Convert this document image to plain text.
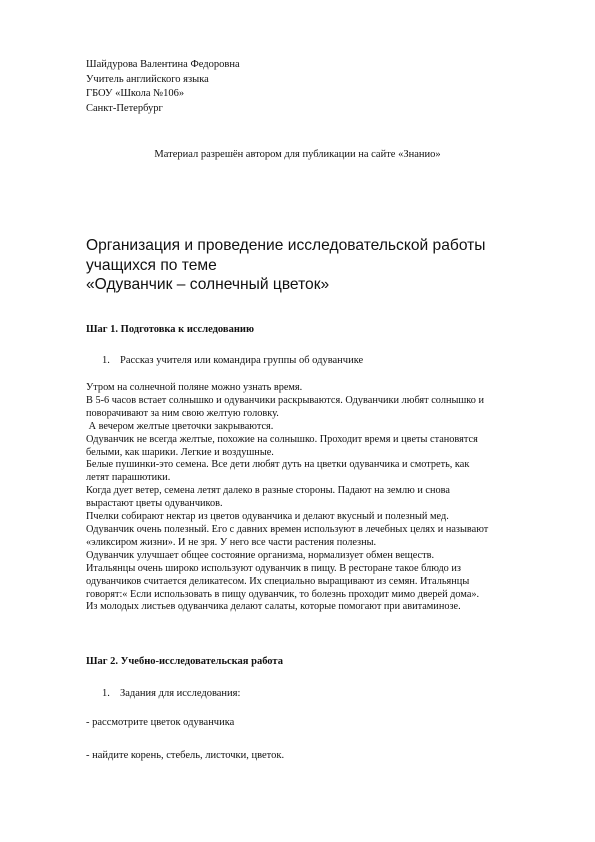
Шайдурова Валентина Федоровна
Учитель английского языка
ГБОУ «Школа №106»
Санкт-Петербург
Материал разрешён автором для публикации на сайте «Знанио»
Организация и проведение исследовательской работы
учащихся по теме
«Одуванчик – солнечный цветок»
Шаг 1. Подготовка к исследованию
1. Рассказ учителя или командира группы об одуванчике
Утром на солнечной поляне можно узнать время.
В 5-6 часов встает солнышко и одуванчики раскрываются. Одуванчики любят солнышко и
поворачивают за ним свою желтую головку.
А вечером желтые цветочки закрываются.
Одуванчик не всегда желтые, похожие на солнышко. Проходит время и цветы становятся
белыми, как шарики. Легкие и воздушные.
Белые пушинки-это семена. Все дети любят дуть на цветки одуванчика и смотреть, как
летят парашютики.
Когда дует ветер, семена летят далеко в разные стороны. Падают на землю и снова
вырастают цветы одуванчиков.
Пчелки собирают нектар из цветов одуванчика и делают вкусный и полезный мед.
Одуванчик очень полезный. Его с давних времен используют в лечебных целях и называют
«эликсиром жизни». И не зря. У него все части растения полезны.
Одуванчик улучшает общее состояние организма, нормализует обмен веществ.
Итальянцы очень широко используют одуванчик в пищу. В ресторане такое блюдо из
одуванчиков считается деликатесом. Их специально выращивают из семян. Итальянцы
говорят:« Если использовать в пищу одуванчик, то болезнь проходит мимо дверей дома».
Из молодых листьев одуванчика делают салаты, которые помогают при авитаминозе.
Шаг 2. Учебно-исследовательская работа
1. Задания для исследования:
- рассмотрите цветок одуванчика
- найдите корень, стебель, листочки, цветок.
